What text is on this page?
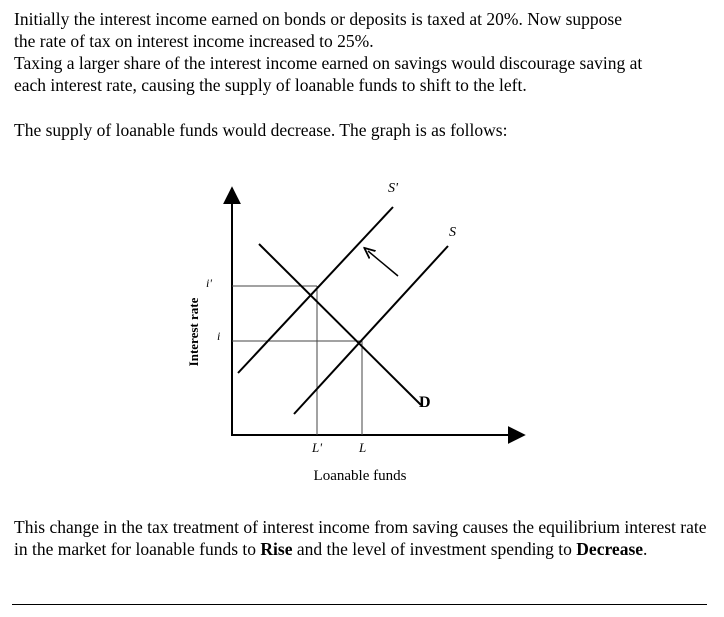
Initially the interest income earned on bonds or deposits is taxed at 20%. Now suppose
the rate of tax on interest income increased to 25%.
Taxing a larger share of the interest income earned on savings would discourage saving at
each interest rate, causing the supply of loanable funds to shift to the left.
The supply of loanable funds would decrease. The graph is as follows:
S'
S
D
i'
i
L'	L
Loanable funds
Interest rate
This change in the tax treatment of interest income from saving causes the equilibrium interest rate in the market for loanable funds to Rise and the level of investment spending to Decrease.
